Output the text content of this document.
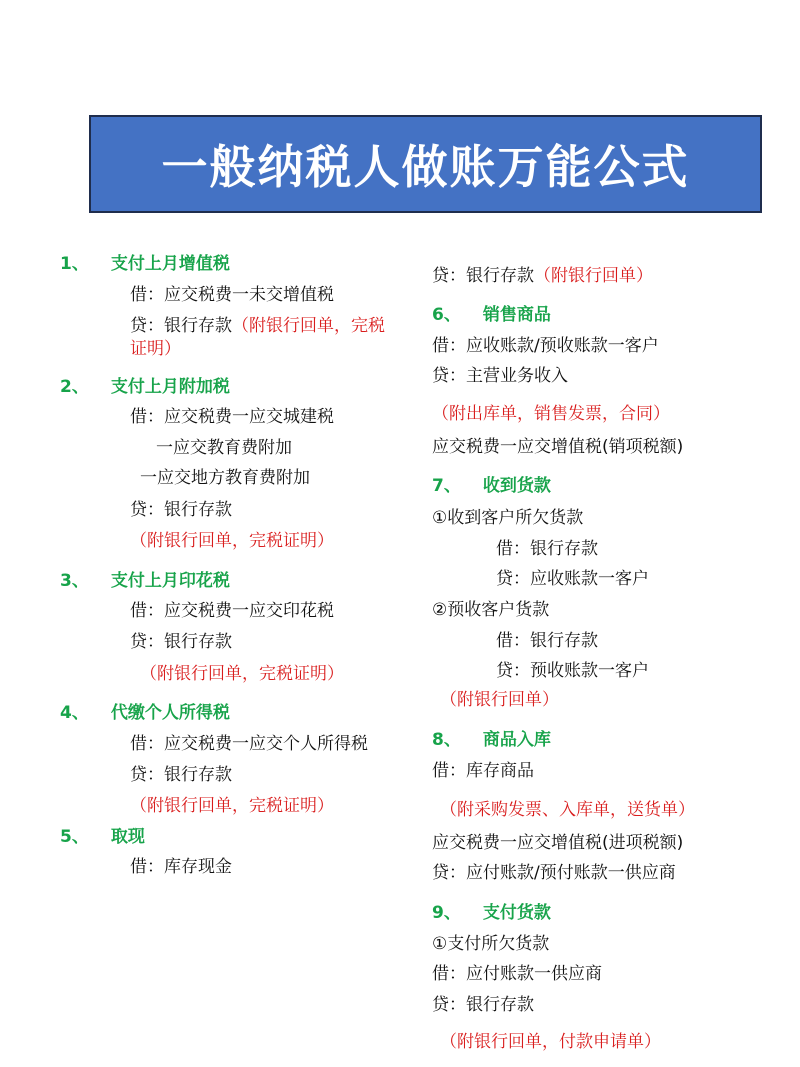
一般纳税人做账万能公式
1、 支付上月增值税
借：应交税费一未交增值税
贷：银行存款（附银行回单，完税
证明）
2、 支付上月附加税
借：应交税费一应交城建税
一应交教育费附加
一应交地方教育费附加
贷：银行存款
（附银行回单，完税证明）
3、 支付上月印花税
借：应交税费一应交印花税
贷：银行存款
（附银行回单，完税证明）
4、 代缴个人所得税
借：应交税费一应交个人所得税
贷：银行存款
（附银行回单，完税证明）
5、 取现
借：库存现金
贷：银行存款（附银行回单）
6、 销售商品
借：应收账款/预收账款一客户
贷：主营业务收入
（附出库单，销售发票，合同）
应交税费一应交增值税(销项税额)
7、 收到货款
①收到客户所欠货款
借：银行存款
贷：应收账款一客户
②预收客户货款
借：银行存款
贷：预收账款一客户
（附银行回单）
8、 商品入库
借：库存商品
（附采购发票、入库单，送货单）
应交税费一应交增值税(进项税额)
贷：应付账款/预付账款一供应商
9、 支付货款
①支付所欠货款
借：应付账款一供应商
贷：银行存款
（附银行回单，付款申请单）
